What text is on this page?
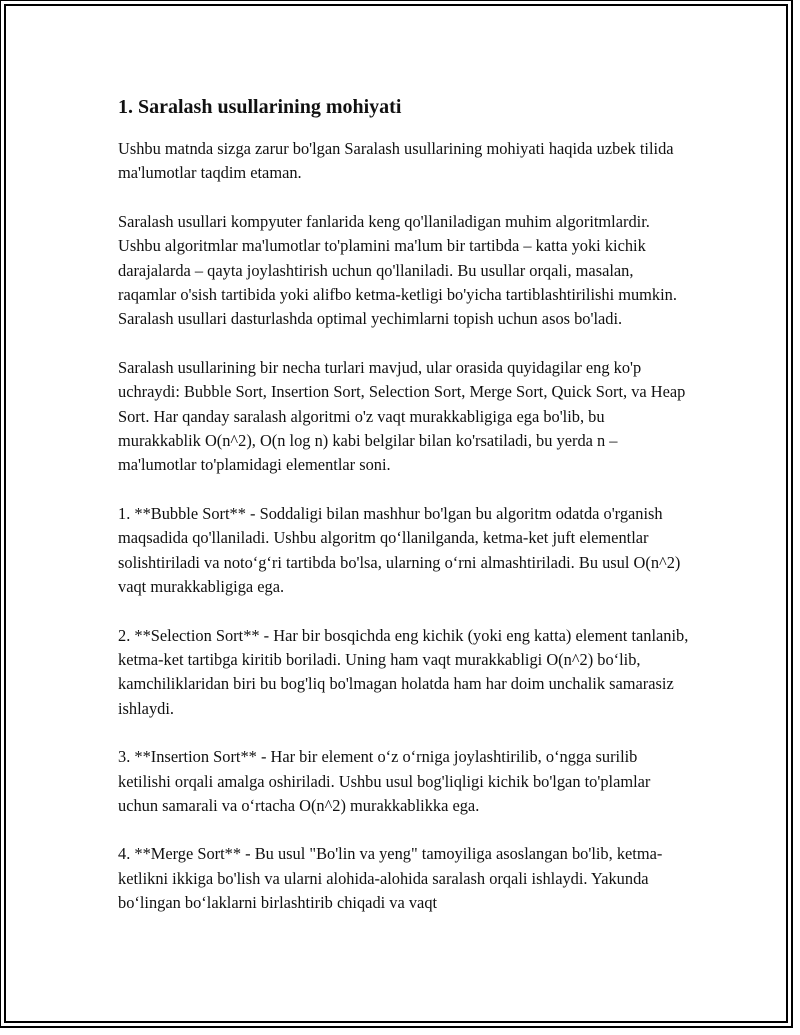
1. Saralash usullarining mohiyati

Ushbu matnda sizga zarur bo'lgan Saralash usullarining mohiyati haqida uzbek tilida ma'lumotlar taqdim etaman.

Saralash usullari kompyuter fanlarida keng qo'llaniladigan muhim algoritmlardir. Ushbu algoritmlar ma'lumotlar to'plamini ma'lum bir tartibda – katta yoki kichik darajalarda – qayta joylashtirish uchun qo'llaniladi. Bu usullar orqali, masalan, raqamlar o'sish tartibida yoki alifbo ketma-ketligi bo'yicha tartiblashtirilishi mumkin. Saralash usullari dasturlashda optimal yechimlarni topish uchun asos bo'ladi.

Saralash usullarining bir necha turlari mavjud, ular orasida quyidagilar eng ko'p uchraydi: Bubble Sort, Insertion Sort, Selection Sort, Merge Sort, Quick Sort, va Heap Sort. Har qanday saralash algoritmi o'z vaqt murakkabligiga ega bo'lib, bu murakkablik O(n^2), O(n log n) kabi belgilar bilan ko'rsatiladi, bu yerda n – ma'lumotlar to'plamidagi elementlar soni.

1. **Bubble Sort** - Soddaligi bilan mashhur bo'lgan bu algoritm odatda o'rganish maqsadida qo'llaniladi. Ushbu algoritm qo‘llanilganda, ketma-ket juft elementlar solishtiriladi va noto‘g‘ri tartibda bo'lsa, ularning o‘rni almashtiriladi. Bu usul O(n^2) vaqt murakkabligiga ega.

2. **Selection Sort** - Har bir bosqichda eng kichik (yoki eng katta) element tanlanib, ketma-ket tartibga kiritib boriladi. Uning ham vaqt murakkabligi O(n^2) bo‘lib, kamchiliklaridan biri bu bog'liq bo'lmagan holatda ham har doim unchalik samarasiz ishlaydi.

3. **Insertion Sort** - Har bir element o‘z o‘rniga joylashtirilib, o‘ngga surilib ketilishi orqali amalga oshiriladi. Ushbu usul bog'liqligi kichik bo'lgan to'plamlar uchun samarali va o‘rtacha O(n^2) murakkablikka ega.

4. **Merge Sort** - Bu usul "Bo'lin va yeng" tamoyiliga asoslangan bo'lib, ketma-ketlikni ikkiga bo'lish va ularni alohida-alohida saralash orqali ishlaydi. Yakunda bo‘lingan bo‘laklarni birlashtirib chiqadi va vaqt
